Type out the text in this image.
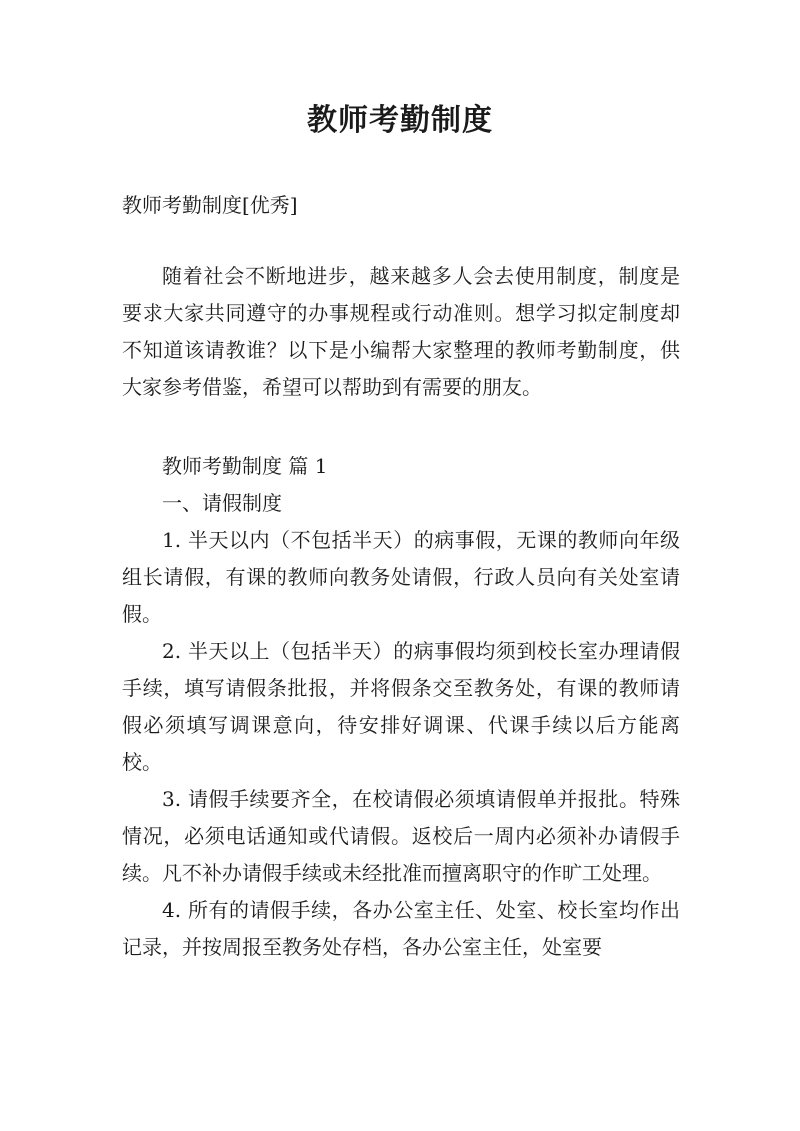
教师考勤制度

教师考勤制度[优秀]

随着社会不断地进步，越来越多人会去使用制度，制度是要求大家共同遵守的办事规程或行动准则。想学习拟定制度却不知道该请教谁？以下是小编帮大家整理的教师考勤制度，供大家参考借鉴，希望可以帮助到有需要的朋友。

教师考勤制度 篇 1

一、请假制度

1. 半天以内（不包括半天）的病事假，无课的教师向年级组长请假，有课的教师向教务处请假，行政人员向有关处室请假。

2. 半天以上（包括半天）的病事假均须到校长室办理请假手续，填写请假条批报，并将假条交至教务处，有课的教师请假必须填写调课意向，待安排好调课、代课手续以后方能离校。

3. 请假手续要齐全，在校请假必须填请假单并报批。特殊情况，必须电话通知或代请假。返校后一周内必须补办请假手续。凡不补办请假手续或未经批准而擅离职守的作旷工处理。

4. 所有的请假手续，各办公室主任、处室、校长室均作出记录，并按周报至教务处存档，各办公室主任，处室要
